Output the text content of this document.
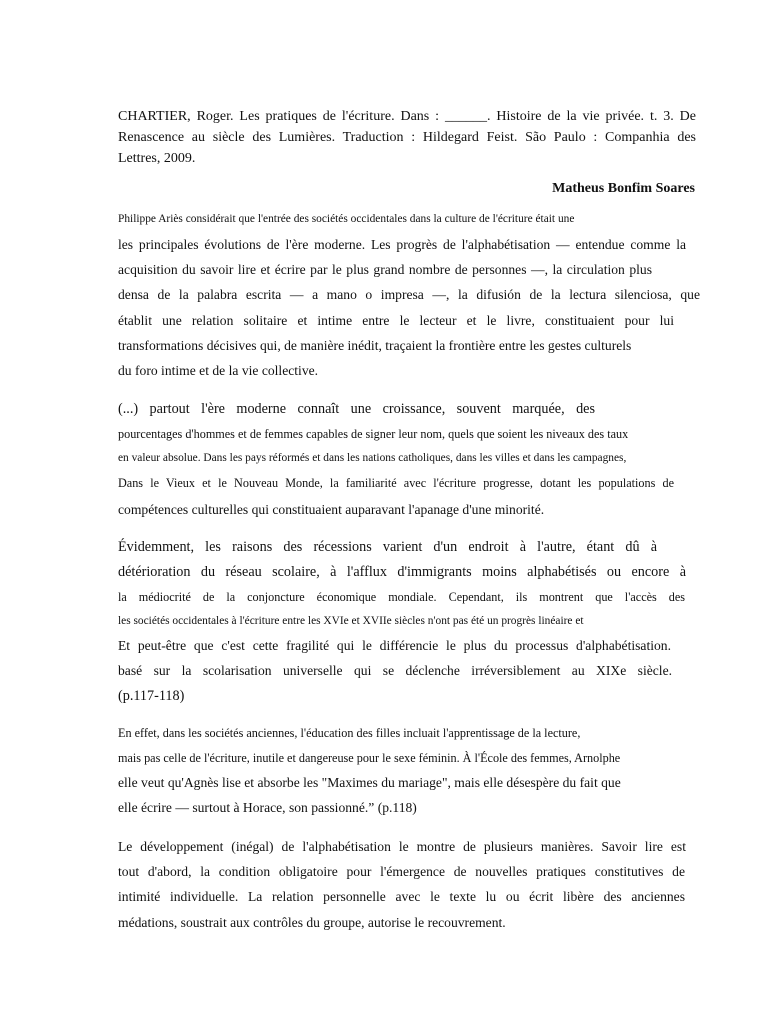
CHARTIER, Roger. Les pratiques de l'écriture. Dans : ______. Histoire de la vie privée. t. 3. De
Renascence au siècle des Lumières. Traduction : Hildegard Feist. São Paulo : Companhia des
Lettres, 2009.
Matheus Bonfim Soares
Philippe Ariès considérait que l'entrée des sociétés occidentales dans la culture de l'écriture était une
les principales évolutions de l'ère moderne. Les progrès de l'alphabétisation — entendue comme la
acquisition du savoir lire et écrire par le plus grand nombre de personnes —, la circulation plus
densa de la palabra escrita — a mano o impresa —, la difusión de la lectura silenciosa, que
établit une relation solitaire et intime entre le lecteur et le livre, constituaient pour lui
transformations décisives qui, de manière inédit, traçaient la frontière entre les gestes culturels
du foro intime et de la vie collective.
(...) partout l'ère moderne connaît une croissance, souvent marquée, des
pourcentages d'hommes et de femmes capables de signer leur nom, quels que soient les niveaux des taux
en valeur absolue. Dans les pays réformés et dans les nations catholiques, dans les villes et dans les campagnes,
Dans le Vieux et le Nouveau Monde, la familiarité avec l'écriture progresse, dotant les populations de
compétences culturelles qui constituaient auparavant l'apanage d'une minorité.
Évidemment, les raisons des récessions varient d'un endroit à l'autre, étant dû à
détérioration du réseau scolaire, à l'afflux d'immigrants moins alphabétisés ou encore à
la médiocrité de la conjoncture économique mondiale. Cependant, ils montrent que l'accès des
les sociétés occidentales à l'écriture entre les XVIe et XVIIe siècles n'ont pas été un progrès linéaire et
Et peut-être que c'est cette fragilité qui le différencie le plus du processus d'alphabétisation.
basé sur la scolarisation universelle qui se déclenche irréversiblement au XIXe siècle.
(p.117-118)
En effet, dans les sociétés anciennes, l'éducation des filles incluait l'apprentissage de la lecture,
mais pas celle de l'écriture, inutile et dangereuse pour le sexe féminin. À l'École des femmes, Arnolphe
elle veut qu'Agnès lise et absorbe les "Maximes du mariage", mais elle désespère du fait que
elle écrire — surtout à Horace, son passionné.” (p.118)
Le développement (inégal) de l'alphabétisation le montre de plusieurs manières. Savoir lire est
tout d'abord, la condition obligatoire pour l'émergence de nouvelles pratiques constitutives de
intimité individuelle. La relation personnelle avec le texte lu ou écrit libère des anciennes
médations, soustrait aux contrôles du groupe, autorise le recouvrement.
